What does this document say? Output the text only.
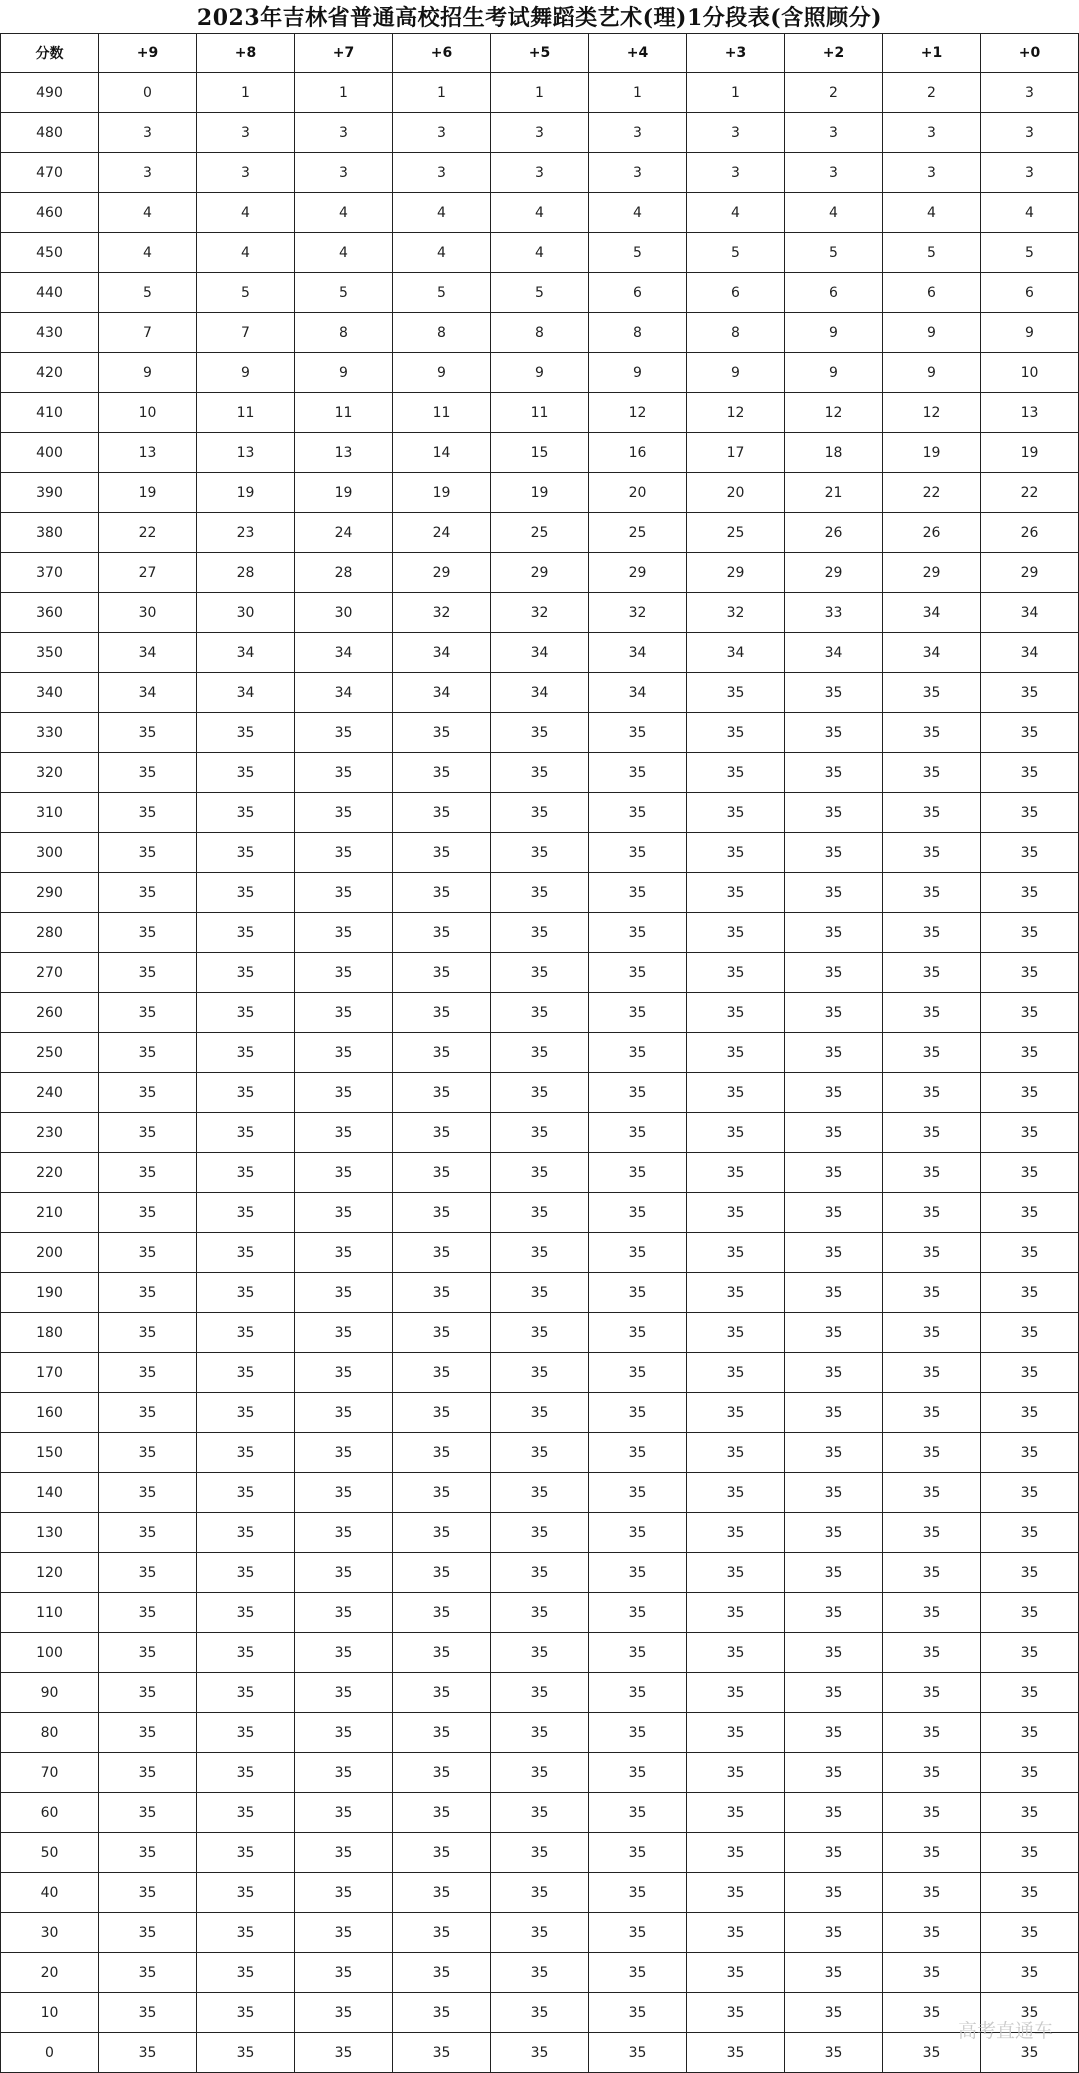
2023年吉林省普通高校招生考试舞蹈类艺术(理)1分段表(含照顾分)
分数	+9	+8	+7	+6	+5	+4	+3	+2	+1	+0
490	0	1	1	1	1	1	1	2	2	3
480	3	3	3	3	3	3	3	3	3	3
470	3	3	3	3	3	3	3	3	3	3
460	4	4	4	4	4	4	4	4	4	4
450	4	4	4	4	4	5	5	5	5	5
440	5	5	5	5	5	6	6	6	6	6
430	7	7	8	8	8	8	8	9	9	9
420	9	9	9	9	9	9	9	9	9	10
410	10	11	11	11	11	12	12	12	12	13
400	13	13	13	14	15	16	17	18	19	19
390	19	19	19	19	19	20	20	21	22	22
380	22	23	24	24	25	25	25	26	26	26
370	27	28	28	29	29	29	29	29	29	29
360	30	30	30	32	32	32	32	33	34	34
350	34	34	34	34	34	34	34	34	34	34
340	34	34	34	34	34	34	35	35	35	35
330	35	35	35	35	35	35	35	35	35	35
320	35	35	35	35	35	35	35	35	35	35
310	35	35	35	35	35	35	35	35	35	35
300	35	35	35	35	35	35	35	35	35	35
290	35	35	35	35	35	35	35	35	35	35
280	35	35	35	35	35	35	35	35	35	35
270	35	35	35	35	35	35	35	35	35	35
260	35	35	35	35	35	35	35	35	35	35
250	35	35	35	35	35	35	35	35	35	35
240	35	35	35	35	35	35	35	35	35	35
230	35	35	35	35	35	35	35	35	35	35
220	35	35	35	35	35	35	35	35	35	35
210	35	35	35	35	35	35	35	35	35	35
200	35	35	35	35	35	35	35	35	35	35
190	35	35	35	35	35	35	35	35	35	35
180	35	35	35	35	35	35	35	35	35	35
170	35	35	35	35	35	35	35	35	35	35
160	35	35	35	35	35	35	35	35	35	35
150	35	35	35	35	35	35	35	35	35	35
140	35	35	35	35	35	35	35	35	35	35
130	35	35	35	35	35	35	35	35	35	35
120	35	35	35	35	35	35	35	35	35	35
110	35	35	35	35	35	35	35	35	35	35
100	35	35	35	35	35	35	35	35	35	35
90	35	35	35	35	35	35	35	35	35	35
80	35	35	35	35	35	35	35	35	35	35
70	35	35	35	35	35	35	35	35	35	35
60	35	35	35	35	35	35	35	35	35	35
50	35	35	35	35	35	35	35	35	35	35
40	35	35	35	35	35	35	35	35	35	35
30	35	35	35	35	35	35	35	35	35	35
20	35	35	35	35	35	35	35	35	35	35
10	35	35	35	35	35	35	35	35	35	35
0	35	35	35	35	35	35	35	35	35	35
高考直通车
